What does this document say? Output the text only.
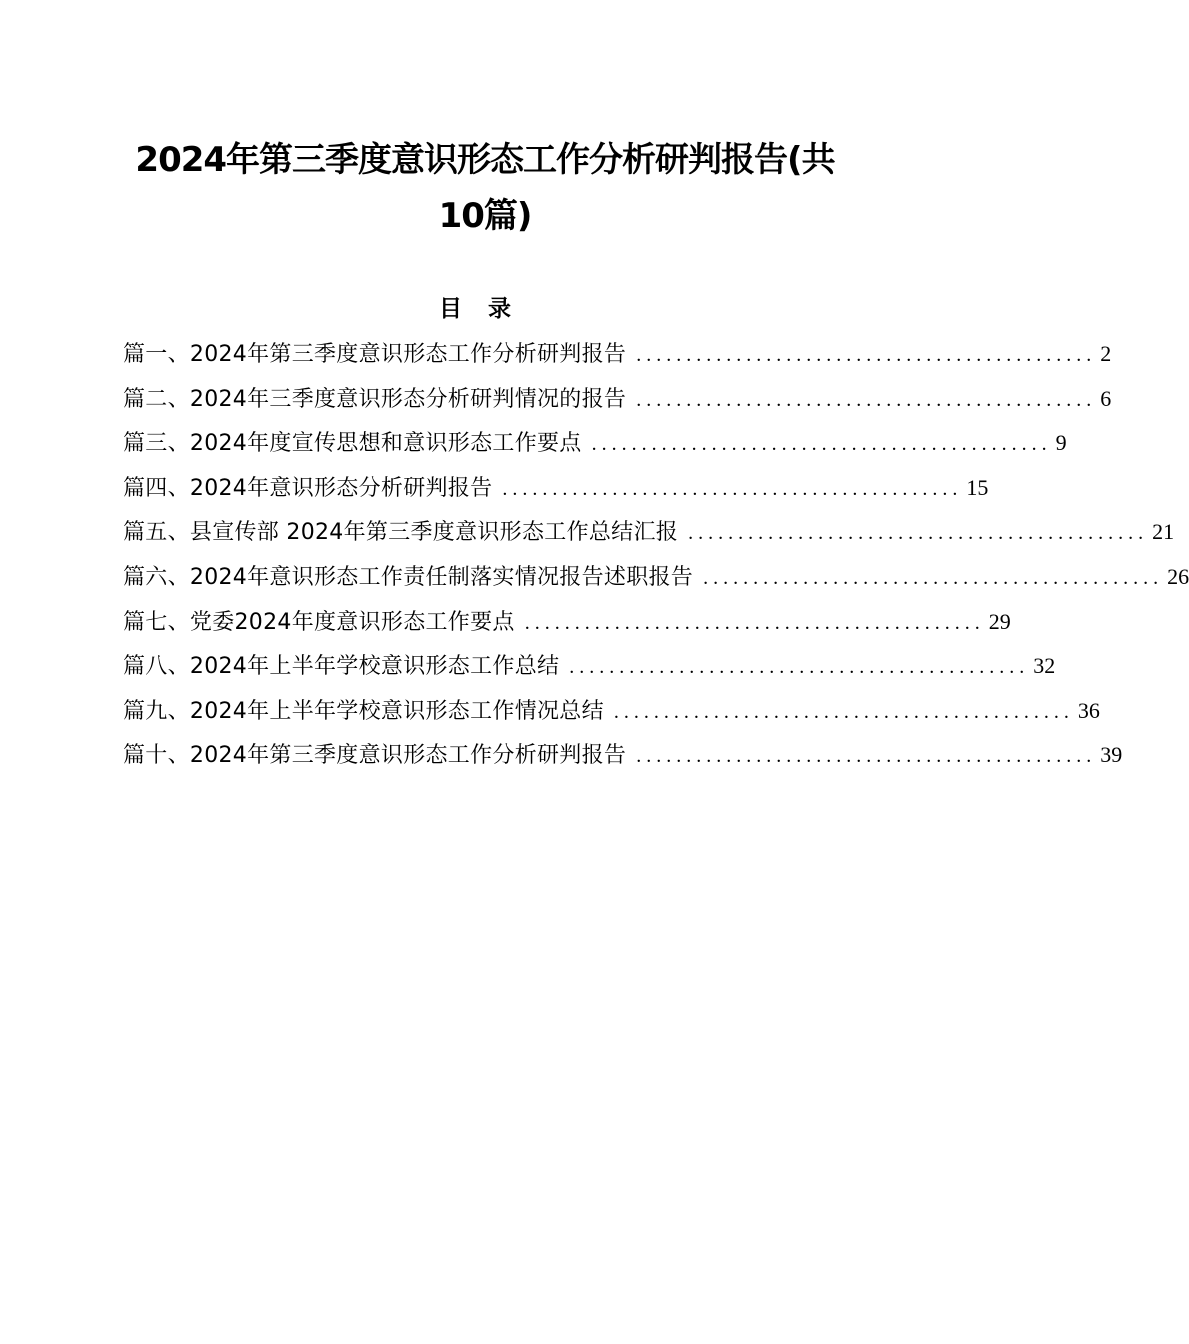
2024年第三季度意识形态工作分析研判报告(共
10篇)
目录
篇一、2024年第三季度意识形态工作分析研判报告 .............................................. 2
篇二、2024年三季度意识形态分析研判情况的报告 .............................................. 6
篇三、2024年度宣传思想和意识形态工作要点 .............................................. 9
篇四、2024年意识形态分析研判报告 .............................................. 15
篇五、县宣传部 2024年第三季度意识形态工作总结汇报 .............................................. 21
篇六、2024年意识形态工作责任制落实情况报告述职报告 .............................................. 26
篇七、党委2024年度意识形态工作要点 .............................................. 29
篇八、2024年上半年学校意识形态工作总结 .............................................. 32
篇九、2024年上半年学校意识形态工作情况总结 .............................................. 36
篇十、2024年第三季度意识形态工作分析研判报告 .............................................. 39
